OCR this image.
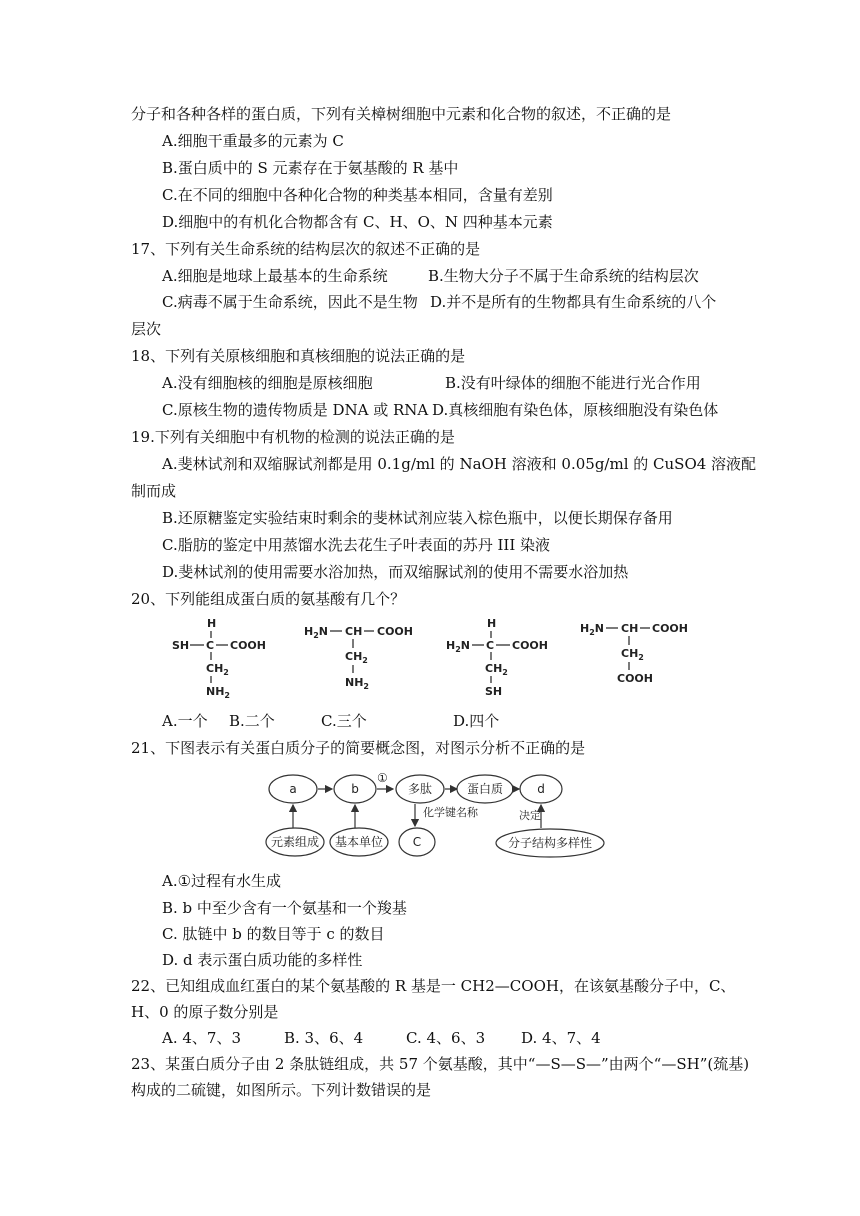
分子和各种各样的蛋白质，下列有关樟树细胞中元素和化合物的叙述，不正确的是
A.细胞干重最多的元素为 C
B.蛋白质中的 S 元素存在于氨基酸的 R 基中
C.在不同的细胞中各种化合物的种类基本相同，含量有差别
D.细胞中的有机化合物都含有 C、H、O、N 四种基本元素
17、下列有关生命系统的结构层次的叙述不正确的是
A.细胞是地球上最基本的生命系统	B.生物大分子不属于生命系统的结构层次
C.病毒不属于生命系统，因此不是生物 D.并不是所有的生物都具有生命系统的八个
层次
18、下列有关原核细胞和真核细胞的说法正确的是
A.没有细胞核的细胞是原核细胞	B.没有叶绿体的细胞不能进行光合作用
C.原核生物的遗传物质是 DNA 或 RNA D.真核细胞有染色体，原核细胞没有染色体
19.下列有关细胞中有机物的检测的说法正确的是
A.斐林试剂和双缩脲试剂都是用 0.1g/ml 的 NaOH 溶液和 0.05g/ml 的 CuSO4 溶液配
制而成
B.还原糖鉴定实验结束时剩余的斐林试剂应装入棕色瓶中，以便长期保存备用
C.脂肪的鉴定中用蒸馏水洗去花生子叶表面的苏丹 III 染液
D.斐林试剂的使用需要水浴加热，而双缩脲试剂的使用不需要水浴加热
20、下列能组成蛋白质的氨基酸有几个？
H
SH C COOH
$CH_2$
$NH_2$
$H_2N$ CH COOH
$CH_2$
$NH_2$
H
$H_2N$ C COOH
$CH_2$
SH
$H_2N$ CH COOH
$CH_2$
COOH
A.一个 B.二个	C.三个	D.四个
21、下图表示有关蛋白质分子的简要概念图，对图示分析不正确的是
a	b
①
多肽	蛋白质	d
元素组成 基本单位
化学键名称
C
决定
分子结构多样性
A.①过程有水生成
B. b 中至少含有一个氨基和一个羧基
C. 肽链中 b 的数目等于 c 的数目
D. d 表示蛋白质功能的多样性
22、已知组成血红蛋白的某个氨基酸的 R 基是一 CH2—COOH，在该氨基酸分子中，C、
H、0 的原子数分别是
A. 4、7、3	B. 3、6、4	C. 4、6、3 D. 4、7、4
23、某蛋白质分子由 2 条肽链组成，共 57 个氨基酸，其中“—S—S—”由两个“—SH”(巯基)
构成的二硫键，如图所示。下列计数错误的是
